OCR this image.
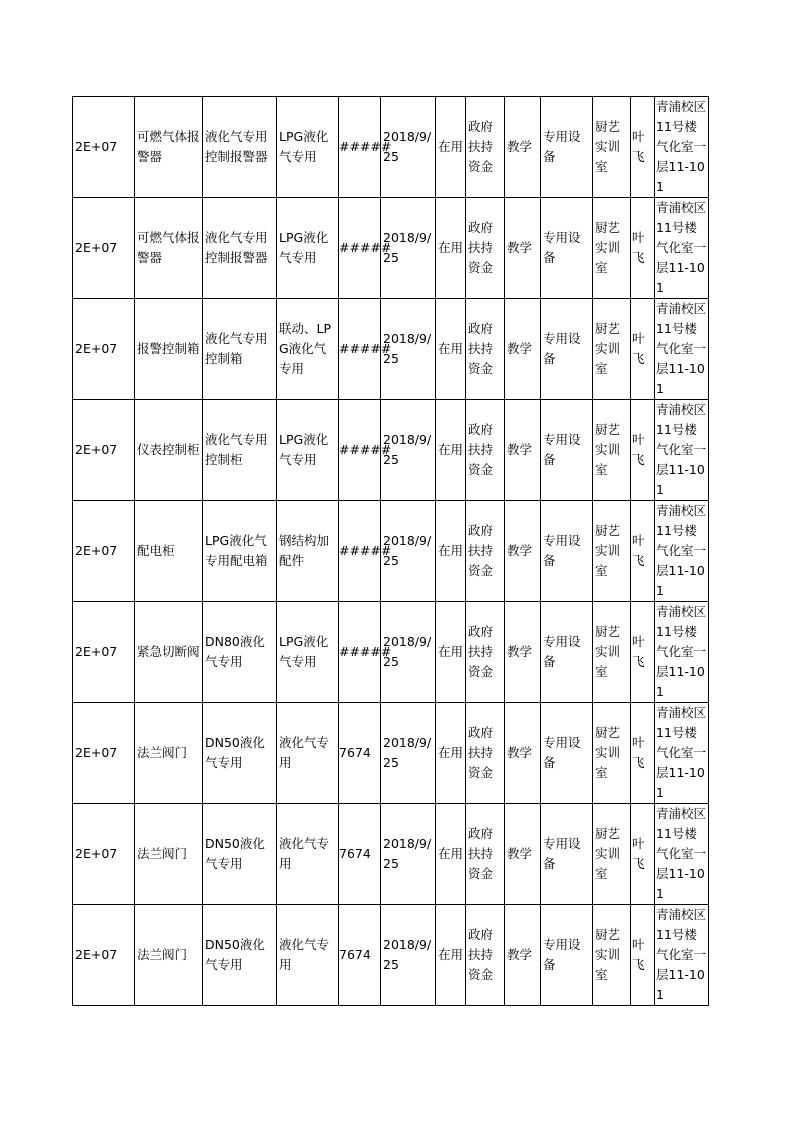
2E+07	可燃气体报警器	液化气专用控制报警器	LPG液化气专用	#####	2018/9/25	在用	政府扶持资金	教学	专用设备	厨艺实训室	叶飞	青浦校区11号楼气化室一层11-101
2E+07	可燃气体报警器	液化气专用控制报警器	LPG液化气专用	#####	2018/9/25	在用	政府扶持资金	教学	专用设备	厨艺实训室	叶飞	青浦校区11号楼气化室一层11-101
2E+07	报警控制箱	液化气专用控制箱	联动、LPG液化气专用	#####	2018/9/25	在用	政府扶持资金	教学	专用设备	厨艺实训室	叶飞	青浦校区11号楼气化室一层11-101
2E+07	仪表控制柜	液化气专用控制柜	LPG液化气专用	#####	2018/9/25	在用	政府扶持资金	教学	专用设备	厨艺实训室	叶飞	青浦校区11号楼气化室一层11-101
2E+07	配电柜	LPG液化气专用配电箱	钢结构加配件	#####	2018/9/25	在用	政府扶持资金	教学	专用设备	厨艺实训室	叶飞	青浦校区11号楼气化室一层11-101
2E+07	紧急切断阀	DN80液化气专用	LPG液化气专用	#####	2018/9/25	在用	政府扶持资金	教学	专用设备	厨艺实训室	叶飞	青浦校区11号楼气化室一层11-101
2E+07	法兰阀门	DN50液化气专用	液化气专用	7674	2018/9/25	在用	政府扶持资金	教学	专用设备	厨艺实训室	叶飞	青浦校区11号楼气化室一层11-101
2E+07	法兰阀门	DN50液化气专用	液化气专用	7674	2018/9/25	在用	政府扶持资金	教学	专用设备	厨艺实训室	叶飞	青浦校区11号楼气化室一层11-101
2E+07	法兰阀门	DN50液化气专用	液化气专用	7674	2018/9/25	在用	政府扶持资金	教学	专用设备	厨艺实训室	叶飞	青浦校区11号楼气化室一层11-101
